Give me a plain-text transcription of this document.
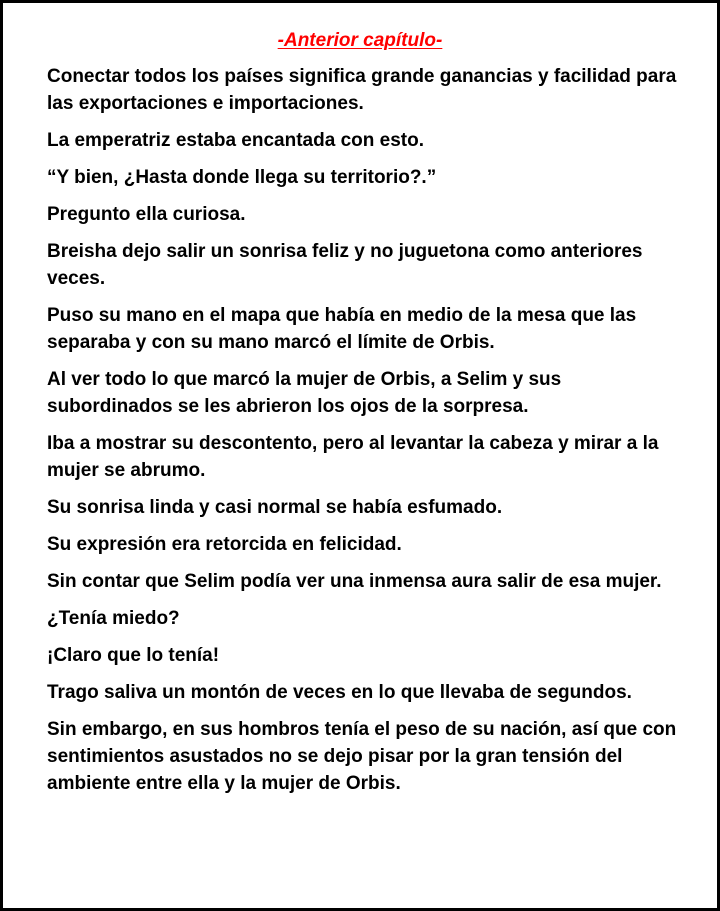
-Anterior capítulo-

Conectar todos los países significa grande ganancias y facilidad para las exportaciones e importaciones.

La emperatriz estaba encantada con esto.

“Y bien, ¿Hasta donde llega su territorio?.”

Pregunto ella curiosa.

Breisha dejo salir un sonrisa feliz y no juguetona como anteriores veces.

Puso su mano en el mapa que había en medio de la mesa que las separaba y con su mano marcó el límite de Orbis.

Al ver todo lo que marcó la mujer de Orbis, a Selim y sus subordinados se les abrieron los ojos de la sorpresa.

Iba a mostrar su descontento, pero al levantar la cabeza y mirar a la mujer se abrumo.

Su sonrisa linda y casi normal se había esfumado.

Su expresión era retorcida en felicidad.

Sin contar que Selim podía ver una inmensa aura salir de esa mujer.

¿Tenía miedo?

¡Claro que lo tenía!

Trago saliva un montón de veces en lo que llevaba de segundos.

Sin embargo, en sus hombros tenía el peso de su nación, así que con sentimientos asustados no se dejo pisar por la gran tensión del ambiente entre ella y la mujer de Orbis.
